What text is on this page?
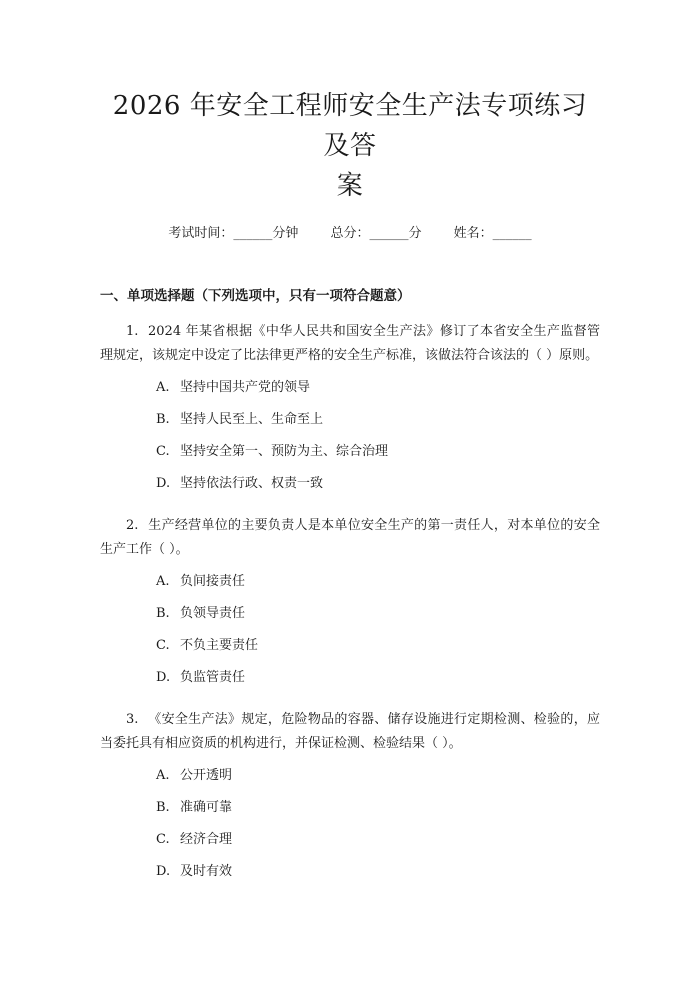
2026 年安全工程师安全生产法专项练习及答
案
考试时间：______分钟 总分：______分 姓名：______
一、单项选择题（下列选项中，只有一项符合题意）
1. 2024 年某省根据《中华人民共和国安全生产法》修订了本省安全生产监督管理规定，该规定中设定了比法律更严格的安全生产标准，该做法符合该法的（ ）原则。
A. 坚持中国共产党的领导
B. 坚持人民至上、生命至上
C. 坚持安全第一、预防为主、综合治理
D. 坚持依法行政、权责一致
2. 生产经营单位的主要负责人是本单位安全生产的第一责任人，对本单位的安全生产工作（ ）。
A. 负间接责任
B. 负领导责任
C. 不负主要责任
D. 负监管责任
3. 《安全生产法》规定，危险物品的容器、储存设施进行定期检测、检验的，应当委托具有相应资质的机构进行，并保证检测、检验结果（ ）。
A. 公开透明
B. 准确可靠
C. 经济合理
D. 及时有效
